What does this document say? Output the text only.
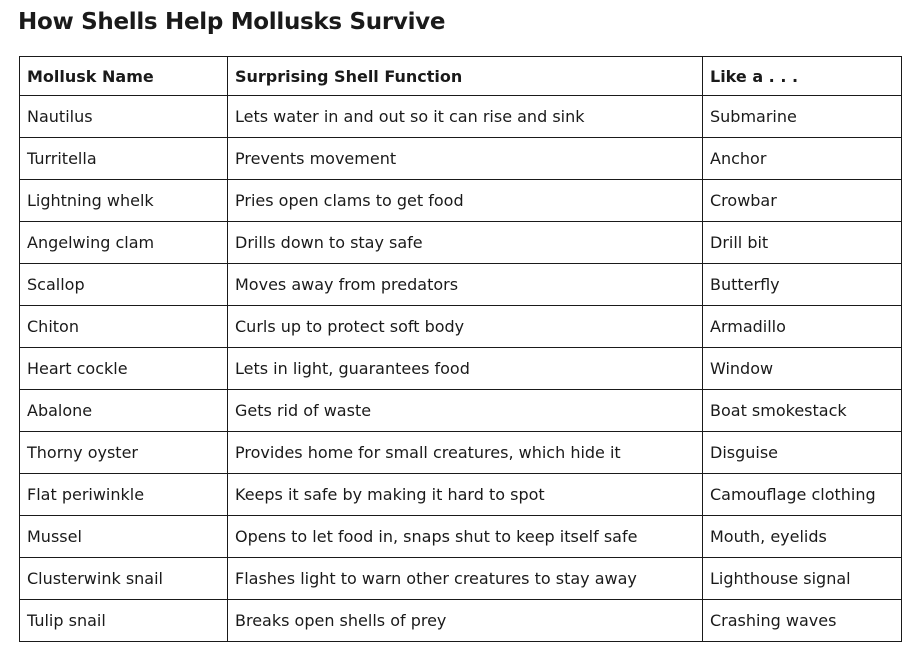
How Shells Help Mollusks Survive
Mollusk Name	Surprising Shell Function	Like a . . .
Nautilus	Lets water in and out so it can rise and sink	Submarine
Turritella	Prevents movement	Anchor
Lightning whelk	Pries open clams to get food	Crowbar
Angelwing clam	Drills down to stay safe	Drill bit
Scallop	Moves away from predators	Butterfly
Chiton	Curls up to protect soft body	Armadillo
Heart cockle	Lets in light, guarantees food	Window
Abalone	Gets rid of waste	Boat smokestack
Thorny oyster	Provides home for small creatures, which hide it	Disguise
Flat periwinkle	Keeps it safe by making it hard to spot	Camouflage clothing
Mussel	Opens to let food in, snaps shut to keep itself safe	Mouth, eyelids
Clusterwink snail	Flashes light to warn other creatures to stay away	Lighthouse signal
Tulip snail	Breaks open shells of prey	Crashing waves
